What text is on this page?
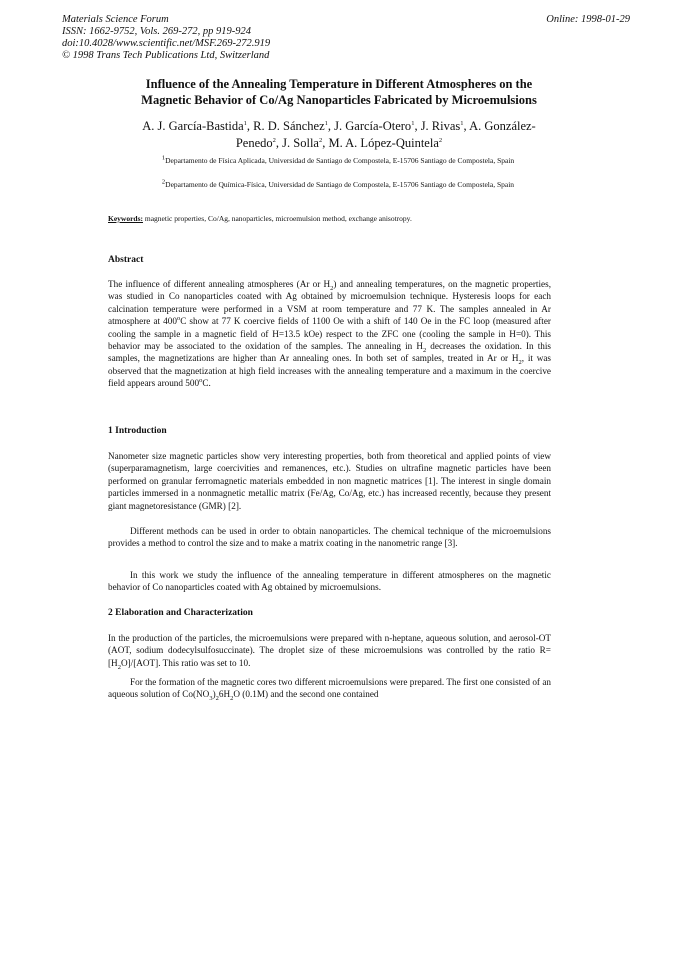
Materials Science Forum
ISSN: 1662-9752, Vols. 269-272, pp 919-924
doi:10.4028/www.scientific.net/MSF.269-272.919
© 1998 Trans Tech Publications Ltd, Switzerland
Online: 1998-01-29
Influence of the Annealing Temperature in Different Atmospheres on the
Magnetic Behavior of Co/Ag Nanoparticles Fabricated by Microemulsions
A. J. García-Bastida$^1$, R. D. Sánchez$^1$, J. García-Otero$^1$, J. Rivas$^1$, A. González-
Penedo$^2$, J. Solla$^2$, M. A. López-Quintela$^2$
$^1$Departamento de Física Aplicada, Universidad de Santiago de Compostela, E-15706 Santiago de Compostela, Spain
$^2$Departamento de Química-Física, Universidad de Santiago de Compostela, E-15706 Santiago de Compostela, Spain
Keywords: magnetic properties, Co/Ag, nanoparticles, microemulsion method, exchange anisotropy.
Abstract

The influence of different annealing atmospheres (Ar or $H_2$) and annealing temperatures, on the magnetic properties, was studied in Co nanoparticles coated with Ag obtained by microemulsion technique. Hysteresis loops for each calcination temperature were performed in a VSM at room temperature and 77 K. The samples annealed in Ar atmosphere at 400$^o$C show at 77 K coercive fields of 1100 Oe with a shift of 140 Oe in the FC loop (measured after cooling the sample in a magnetic field of H=13.5 kOe) respect to the ZFC one (cooling the sample in H=0). This behavior may be associated to the oxidation of the samples. The annealing in $H_2$ decreases the oxidation. In this samples, the magnetizations are higher than Ar annealing ones. In both set of samples, treated in Ar or $H_2$, it was observed that the magnetization at high field increases with the annealing temperature and a maximum in the coercive field appears around 500$^o$C.

1 Introduction

Nanometer size magnetic particles show very interesting properties, both from theoretical and applied points of view (superparamagnetism, large coercivities and remanences, etc.). Studies on ultrafine magnetic particles have been performed on granular ferromagnetic materials embedded in non magnetic matrices [1]. The interest in single domain particles immersed in a nonmagnetic metallic matrix (Fe/Ag, Co/Ag, etc.) has increased recently, because they present giant magnetoresistance (GMR) [2].

Different methods can be used in order to obtain nanoparticles. The chemical technique of the microemulsions provides a method to control the size and to make a matrix coating in the nanometric range [3].

In this work we study the influence of the annealing temperature in different atmospheres on the magnetic behavior of Co nanoparticles coated with Ag obtained by microemulsions.

2 Elaboration and Characterization

In the production of the particles, the microemulsions were prepared with n-heptane, aqueous solution, and aerosol-OT (AOT, sodium dodecylsulfosuccinate). The droplet size of these microemulsions was controlled by the ratio $R=[H_2O]/[AOT]$. This ratio was set to 10.

For the formation of the magnetic cores two different microemulsions were prepared. The first one consisted of an aqueous solution of $Co(NO_3)_26H_2O$ (0.1M) and the second one contained
